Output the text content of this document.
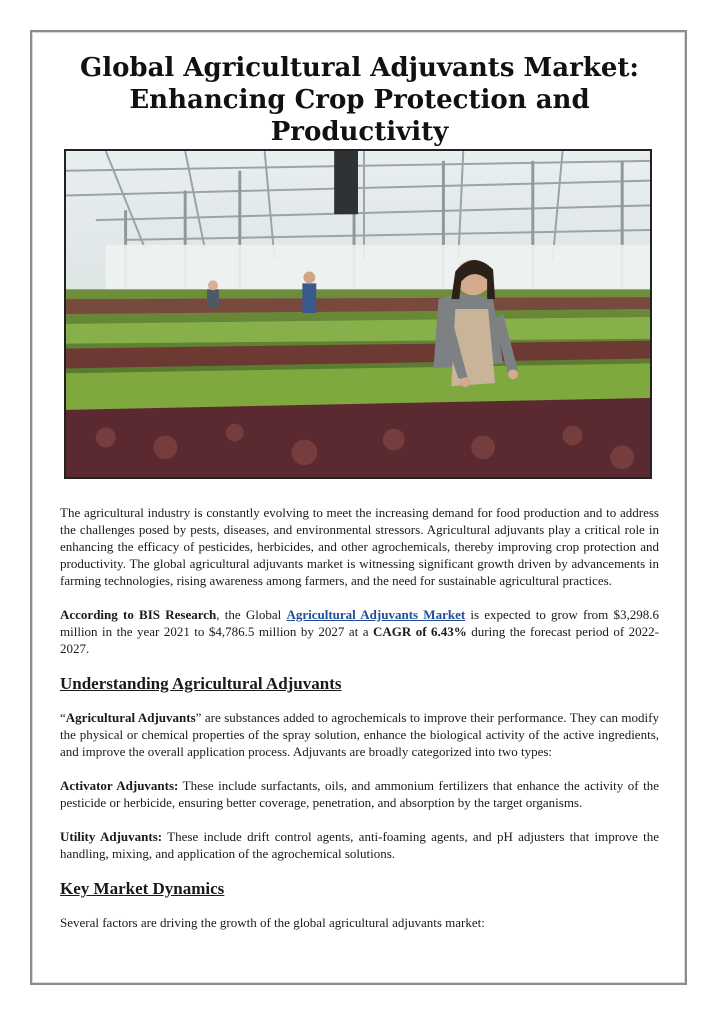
Global Agricultural Adjuvants Market: Enhancing Crop Protection and Productivity

The agricultural industry is constantly evolving to meet the increasing demand for food production and to address the challenges posed by pests, diseases, and environmental stressors. Agricultural adjuvants play a critical role in enhancing the efficacy of pesticides, herbicides, and other agrochemicals, thereby improving crop protection and productivity. The global agricultural adjuvants market is witnessing significant growth driven by advancements in farming technologies, rising awareness among farmers, and the need for sustainable agricultural practices.

According to BIS Research, the Global Agricultural Adjuvants Market is expected to grow from $3,298.6 million in the year 2021 to $4,786.5 million by 2027 at a CAGR of 6.43% during the forecast period of 2022-2027.

Understanding Agricultural Adjuvants

“Agricultural Adjuvants” are substances added to agrochemicals to improve their performance. They can modify the physical or chemical properties of the spray solution, enhance the biological activity of the active ingredients, and improve the overall application process. Adjuvants are broadly categorized into two types:

Activator Adjuvants: These include surfactants, oils, and ammonium fertilizers that enhance the activity of the pesticide or herbicide, ensuring better coverage, penetration, and absorption by the target organisms.

Utility Adjuvants: These include drift control agents, anti-foaming agents, and pH adjusters that improve the handling, mixing, and application of the agrochemical solutions.

Key Market Dynamics

Several factors are driving the growth of the global agricultural adjuvants market:
